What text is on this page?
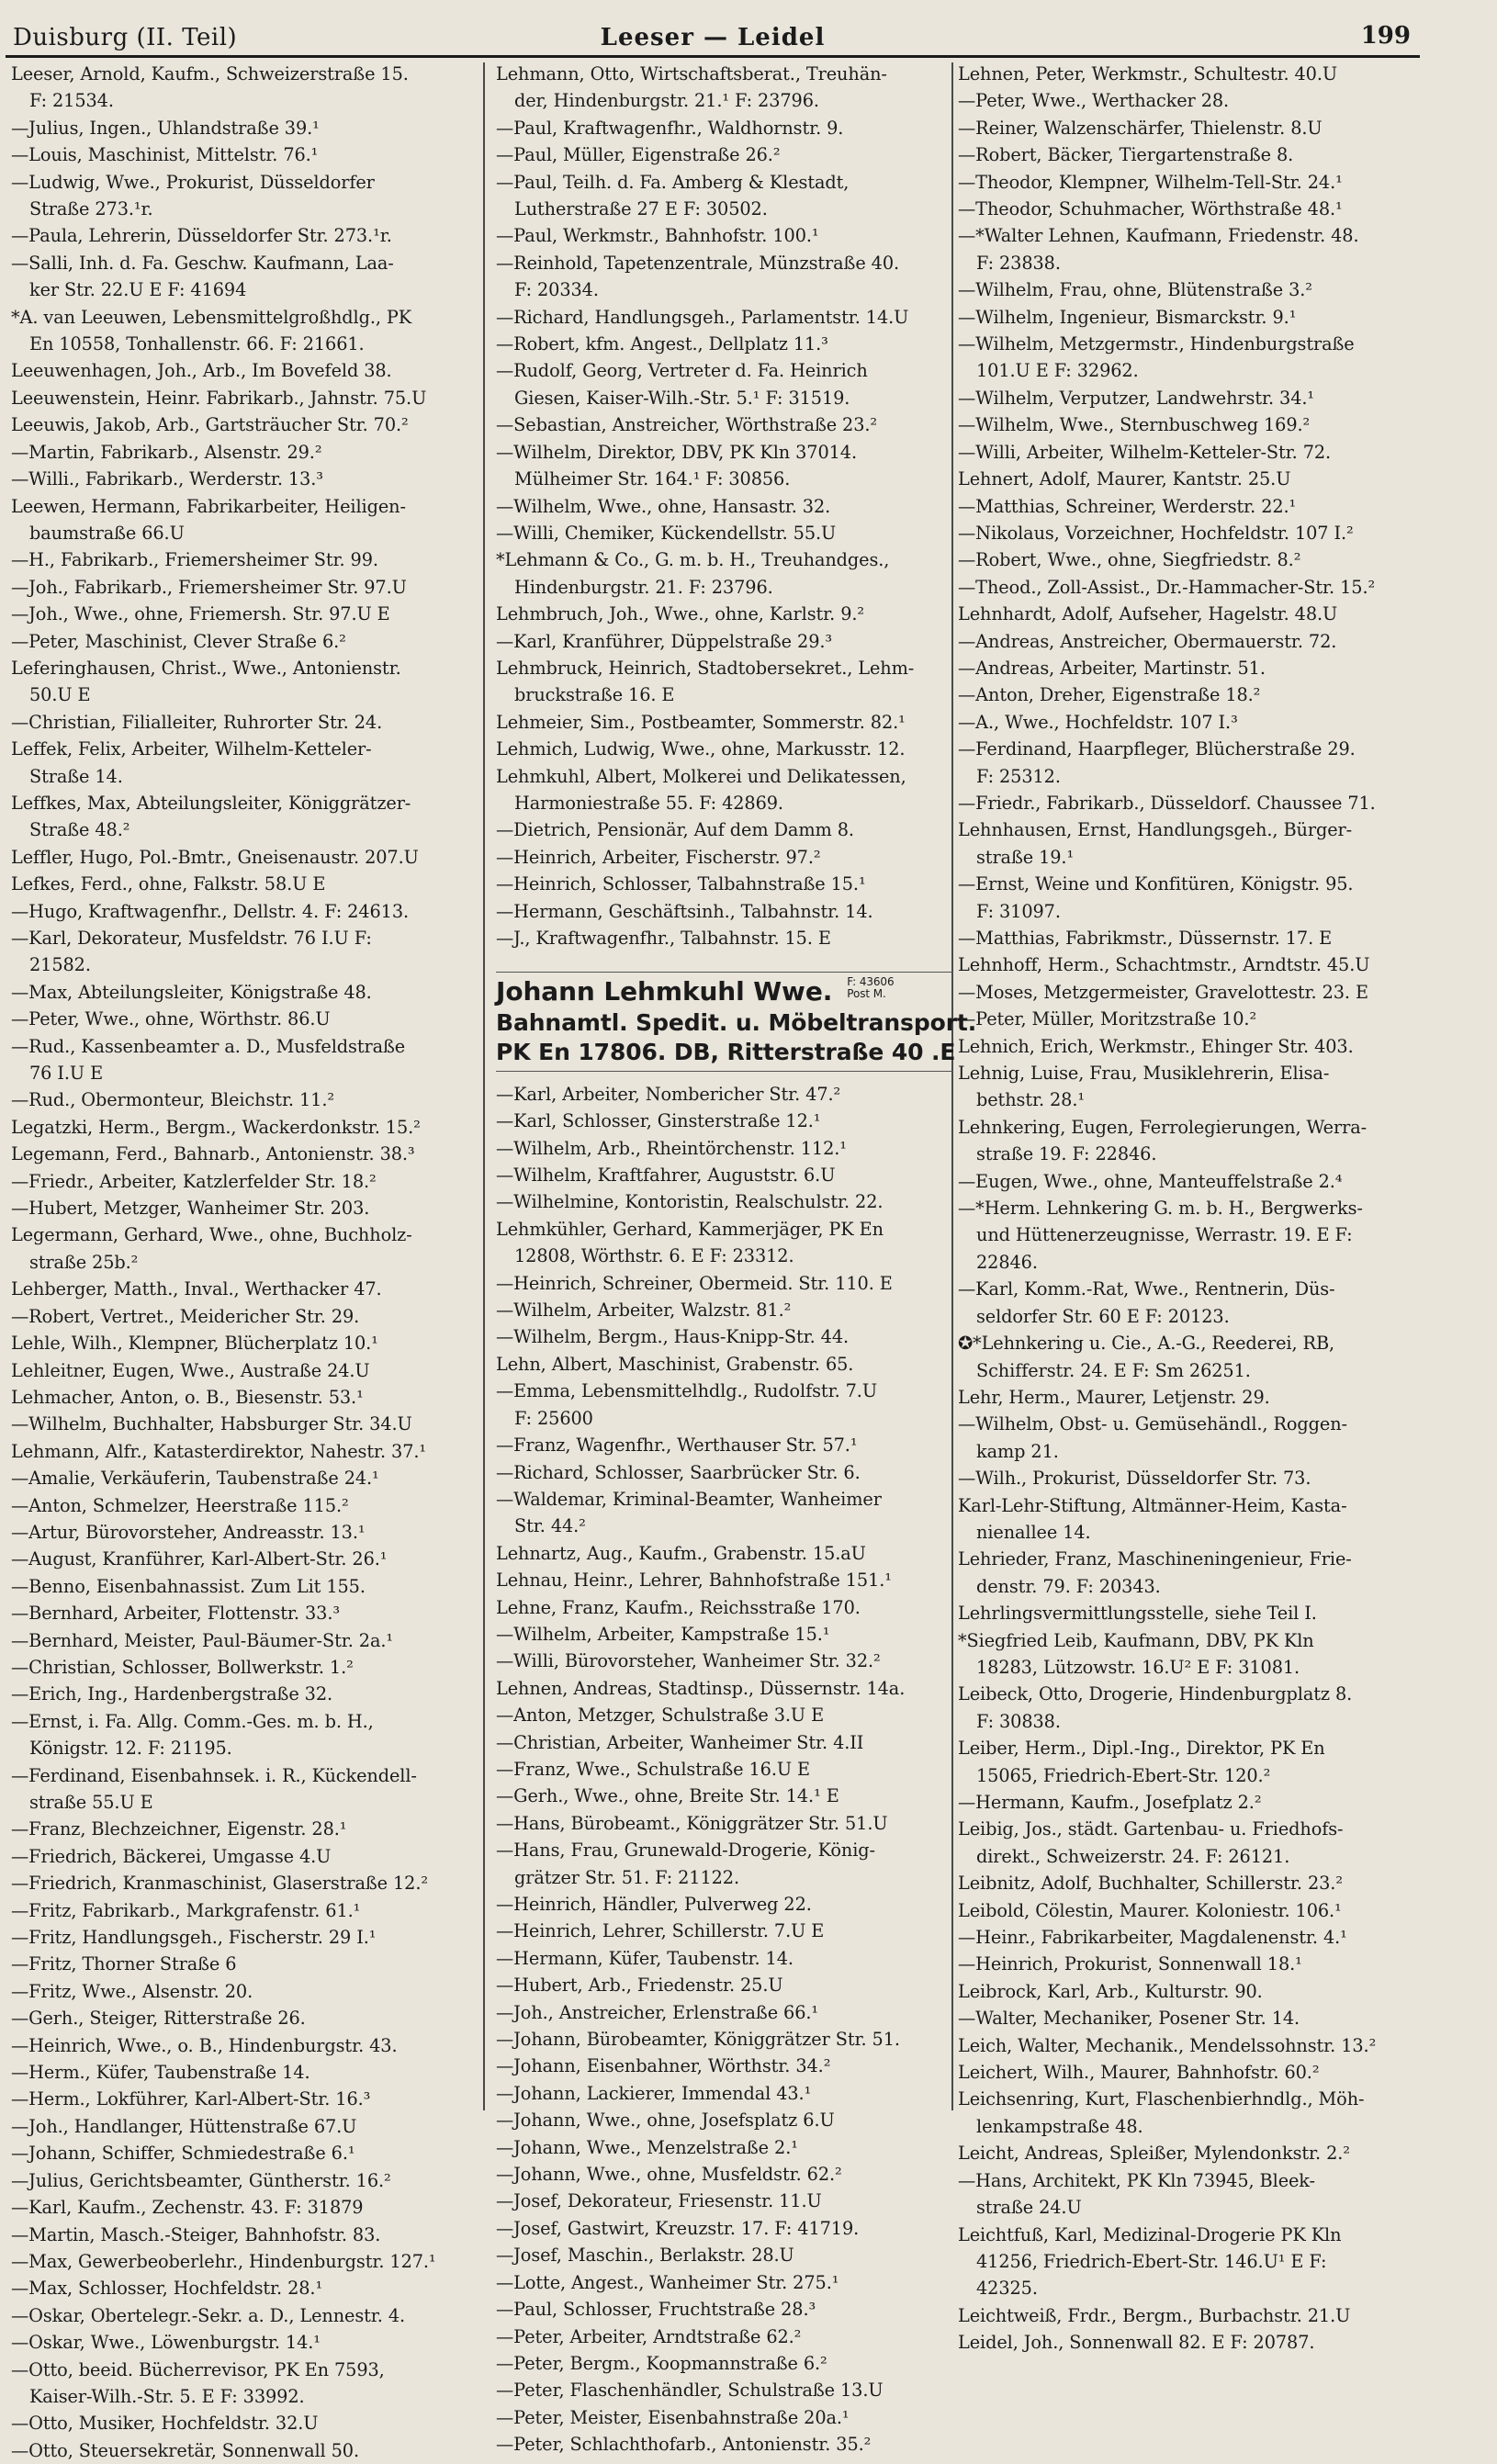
Duisburg (II. Teil)	Leeser — Leidel	199
Leeser, Arnold, Kaufm., Schweizerstraße 15.
F: 21534.
—Julius, Ingen., Uhlandstraße 39.¹
—Louis, Maschinist, Mittelstr. 76.¹
—Ludwig, Wwe., Prokurist, Düsseldorfer
Straße 273.¹r.
—Paula, Lehrerin, Düsseldorfer Str. 273.¹r.
—Salli, Inh. d. Fa. Geschw. Kaufmann, Laa-
ker Str. 22.U E F: 41694
*A. van Leeuwen, Lebensmittelgroßhdlg., PK
En 10558, Tonhallenstr. 66. F: 21661.
Leeuwenhagen, Joh., Arb., Im Bovefeld 38.
Leeuwenstein, Heinr. Fabrikarb., Jahnstr. 75.U
Leeuwis, Jakob, Arb., Gartsträucher Str. 70.²
—Martin, Fabrikarb., Alsenstr. 29.²
—Willi., Fabrikarb., Werderstr. 13.³
Leewen, Hermann, Fabrikarbeiter, Heiligen-
baumstraße 66.U
—H., Fabrikarb., Friemersheimer Str. 99.
—Joh., Fabrikarb., Friemersheimer Str. 97.U
—Joh., Wwe., ohne, Friemersh. Str. 97.U E
—Peter, Maschinist, Clever Straße 6.²
Leferinghausen, Christ., Wwe., Antonienstr.
50.U E
—Christian, Filialleiter, Ruhrorter Str. 24.
Leffek, Felix, Arbeiter, Wilhelm-Ketteler-
Straße 14.
Leffkes, Max, Abteilungsleiter, Königgrätzer-
Straße 48.²
Leffler, Hugo, Pol.-Bmtr., Gneisenaustr. 207.U
Lefkes, Ferd., ohne, Falkstr. 58.U E
—Hugo, Kraftwagenfhr., Dellstr. 4. F: 24613.
—Karl, Dekorateur, Musfeldstr. 76 I.U F:
21582.
—Max, Abteilungsleiter, Königstraße 48.
—Peter, Wwe., ohne, Wörthstr. 86.U
—Rud., Kassenbeamter a. D., Musfeldstraße
76 I.U E
—Rud., Obermonteur, Bleichstr. 11.²
Legatzki, Herm., Bergm., Wackerdonkstr. 15.²
Legemann, Ferd., Bahnarb., Antonienstr. 38.³
—Friedr., Arbeiter, Katzlerfelder Str. 18.²
—Hubert, Metzger, Wanheimer Str. 203.
Legermann, Gerhard, Wwe., ohne, Buchholz-
straße 25b.²
Lehberger, Matth., Inval., Werthacker 47.
—Robert, Vertret., Meidericher Str. 29.
Lehle, Wilh., Klempner, Blücherplatz 10.¹
Lehleitner, Eugen, Wwe., Austraße 24.U
Lehmacher, Anton, o. B., Biesenstr. 53.¹
—Wilhelm, Buchhalter, Habsburger Str. 34.U
Lehmann, Alfr., Katasterdirektor, Nahestr. 37.¹
—Amalie, Verkäuferin, Taubenstraße 24.¹
—Anton, Schmelzer, Heerstraße 115.²
—Artur, Bürovorsteher, Andreasstr. 13.¹
—August, Kranführer, Karl-Albert-Str. 26.¹
—Benno, Eisenbahnassist. Zum Lit 155.
—Bernhard, Arbeiter, Flottenstr. 33.³
—Bernhard, Meister, Paul-Bäumer-Str. 2a.¹
—Christian, Schlosser, Bollwerkstr. 1.²
—Erich, Ing., Hardenbergstraße 32.
—Ernst, i. Fa. Allg. Comm.-Ges. m. b. H.,
Königstr. 12. F: 21195.
—Ferdinand, Eisenbahnsek. i. R., Kückendell-
straße 55.U E
—Franz, Blechzeichner, Eigenstr. 28.¹
—Friedrich, Bäckerei, Umgasse 4.U
—Friedrich, Kranmaschinist, Glaserstraße 12.²
—Fritz, Fabrikarb., Markgrafenstr. 61.¹
—Fritz, Handlungsgeh., Fischerstr. 29 I.¹
—Fritz, Thorner Straße 6
—Fritz, Wwe., Alsenstr. 20.
—Gerh., Steiger, Ritterstraße 26.
—Heinrich, Wwe., o. B., Hindenburgstr. 43.
—Herm., Küfer, Taubenstraße 14.
—Herm., Lokführer, Karl-Albert-Str. 16.³
—Joh., Handlanger, Hüttenstraße 67.U
—Johann, Schiffer, Schmiedestraße 6.¹
—Julius, Gerichtsbeamter, Güntherstr. 16.²
—Karl, Kaufm., Zechenstr. 43. F: 31879
—Martin, Masch.-Steiger, Bahnhofstr. 83.
—Max, Gewerbeoberlehr., Hindenburgstr. 127.¹
—Max, Schlosser, Hochfeldstr. 28.¹
—Oskar, Obertelegr.-Sekr. a. D., Lennestr. 4.
—Oskar, Wwe., Löwenburgstr. 14.¹
—Otto, beeid. Bücherrevisor, PK En 7593,
Kaiser-Wilh.-Str. 5. E F: 33992.
—Otto, Musiker, Hochfeldstr. 32.U
—Otto, Steuersekretär, Sonnenwall 50.
Lehmann, Otto, Wirtschaftsberat., Treuhän-
der, Hindenburgstr. 21.¹ F: 23796.
—Paul, Kraftwagenfhr., Waldhornstr. 9.
—Paul, Müller, Eigenstraße 26.²
—Paul, Teilh. d. Fa. Amberg & Klestadt,
Lutherstraße 27 E F: 30502.
—Paul, Werkmstr., Bahnhofstr. 100.¹
—Reinhold, Tapetenzentrale, Münzstraße 40.
F: 20334.
—Richard, Handlungsgeh., Parlamentstr. 14.U
—Robert, kfm. Angest., Dellplatz 11.³
—Rudolf, Georg, Vertreter d. Fa. Heinrich
Giesen, Kaiser-Wilh.-Str. 5.¹ F: 31519.
—Sebastian, Anstreicher, Wörthstraße 23.²
—Wilhelm, Direktor, DBV, PK Kln 37014.
Mülheimer Str. 164.¹ F: 30856.
—Wilhelm, Wwe., ohne, Hansastr. 32.
—Willi, Chemiker, Kückendellstr. 55.U
*Lehmann & Co., G. m. b. H., Treuhandges.,
Hindenburgstr. 21. F: 23796.
Lehmbruch, Joh., Wwe., ohne, Karlstr. 9.²
—Karl, Kranführer, Düppelstraße 29.³
Lehmbruck, Heinrich, Stadtobersekret., Lehm-
bruckstraße 16. E
Lehmeier, Sim., Postbeamter, Sommerstr. 82.¹
Lehmich, Ludwig, Wwe., ohne, Markusstr. 12.
Lehmkuhl, Albert, Molkerei und Delikatessen,
Harmoniestraße 55. F: 42869.
—Dietrich, Pensionär, Auf dem Damm 8.
—Heinrich, Arbeiter, Fischerstr. 97.²
—Heinrich, Schlosser, Talbahnstraße 15.¹
—Hermann, Geschäftsinh., Talbahnstr. 14.
—J., Kraftwagenfhr., Talbahnstr. 15. E
Johann Lehmkuhl Wwe. F: 43606
Post M.
Bahnamtl. Spedit. u. Möbeltransport.
PK En 17806. DB, Ritterstraße 40 .E
—Karl, Arbeiter, Nombericher Str. 47.²
—Karl, Schlosser, Ginsterstraße 12.¹
—Wilhelm, Arb., Rheintörchenstr. 112.¹
—Wilhelm, Kraftfahrer, Auguststr. 6.U
—Wilhelmine, Kontoristin, Realschulstr. 22.
Lehmkühler, Gerhard, Kammerjäger, PK En
12808, Wörthstr. 6. E F: 23312.
—Heinrich, Schreiner, Obermeid. Str. 110. E
—Wilhelm, Arbeiter, Walzstr. 81.²
—Wilhelm, Bergm., Haus-Knipp-Str. 44.
Lehn, Albert, Maschinist, Grabenstr. 65.
—Emma, Lebensmittelhdlg., Rudolfstr. 7.U
F: 25600
—Franz, Wagenfhr., Werthauser Str. 57.¹
—Richard, Schlosser, Saarbrücker Str. 6.
—Waldemar, Kriminal-Beamter, Wanheimer
Str. 44.²
Lehnartz, Aug., Kaufm., Grabenstr. 15.aU
Lehnau, Heinr., Lehrer, Bahnhofstraße 151.¹
Lehne, Franz, Kaufm., Reichsstraße 170.
—Wilhelm, Arbeiter, Kampstraße 15.¹
—Willi, Bürovorsteher, Wanheimer Str. 32.²
Lehnen, Andreas, Stadtinsp., Düssernstr. 14a.
—Anton, Metzger, Schulstraße 3.U E
—Christian, Arbeiter, Wanheimer Str. 4.II
—Franz, Wwe., Schulstraße 16.U E
—Gerh., Wwe., ohne, Breite Str. 14.¹ E
—Hans, Bürobeamt., Königgrätzer Str. 51.U
—Hans, Frau, Grunewald-Drogerie, König-
grätzer Str. 51. F: 21122.
—Heinrich, Händler, Pulverweg 22.
—Heinrich, Lehrer, Schillerstr. 7.U E
—Hermann, Küfer, Taubenstr. 14.
—Hubert, Arb., Friedenstr. 25.U
—Joh., Anstreicher, Erlenstraße 66.¹
—Johann, Bürobeamter, Königgrätzer Str. 51.
—Johann, Eisenbahner, Wörthstr. 34.²
—Johann, Lackierer, Immendal 43.¹
—Johann, Wwe., ohne, Josefsplatz 6.U
—Johann, Wwe., Menzelstraße 2.¹
—Johann, Wwe., ohne, Musfeldstr. 62.²
—Josef, Dekorateur, Friesenstr. 11.U
—Josef, Gastwirt, Kreuzstr. 17. F: 41719.
—Josef, Maschin., Berlakstr. 28.U
—Lotte, Angest., Wanheimer Str. 275.¹
—Paul, Schlosser, Fruchtstraße 28.³
—Peter, Arbeiter, Arndtstraße 62.²
—Peter, Bergm., Koopmannstraße 6.²
—Peter, Flaschenhändler, Schulstraße 13.U
—Peter, Meister, Eisenbahnstraße 20a.¹
—Peter, Schlachthofarb., Antonienstr. 35.²
Lehnen, Peter, Werkmstr., Schultestr. 40.U
—Peter, Wwe., Werthacker 28.
—Reiner, Walzenschärfer, Thielenstr. 8.U
—Robert, Bäcker, Tiergartenstraße 8.
—Theodor, Klempner, Wilhelm-Tell-Str. 24.¹
—Theodor, Schuhmacher, Wörthstraße 48.¹
—*Walter Lehnen, Kaufmann, Friedenstr. 48.
F: 23838.
—Wilhelm, Frau, ohne, Blütenstraße 3.²
—Wilhelm, Ingenieur, Bismarckstr. 9.¹
—Wilhelm, Metzgermstr., Hindenburgstraße
101.U E F: 32962.
—Wilhelm, Verputzer, Landwehrstr. 34.¹
—Wilhelm, Wwe., Sternbuschweg 169.²
—Willi, Arbeiter, Wilhelm-Ketteler-Str. 72.
Lehnert, Adolf, Maurer, Kantstr. 25.U
—Matthias, Schreiner, Werderstr. 22.¹
—Nikolaus, Vorzeichner, Hochfeldstr. 107 I.²
—Robert, Wwe., ohne, Siegfriedstr. 8.²
—Theod., Zoll-Assist., Dr.-Hammacher-Str. 15.²
Lehnhardt, Adolf, Aufseher, Hagelstr. 48.U
—Andreas, Anstreicher, Obermauerstr. 72.
—Andreas, Arbeiter, Martinstr. 51.
—Anton, Dreher, Eigenstraße 18.²
—A., Wwe., Hochfeldstr. 107 I.³
—Ferdinand, Haarpfleger, Blücherstraße 29.
F: 25312.
—Friedr., Fabrikarb., Düsseldorf. Chaussee 71.
Lehnhausen, Ernst, Handlungsgeh., Bürger-
straße 19.¹
—Ernst, Weine und Konfitüren, Königstr. 95.
F: 31097.
—Matthias, Fabrikmstr., Düssernstr. 17. E
Lehnhoff, Herm., Schachtmstr., Arndtstr. 45.U
—Moses, Metzgermeister, Gravelottestr. 23. E
—Peter, Müller, Moritzstraße 10.²
Lehnich, Erich, Werkmstr., Ehinger Str. 403.
Lehnig, Luise, Frau, Musiklehrerin, Elisa-
bethstr. 28.¹
Lehnkering, Eugen, Ferrolegierungen, Werra-
straße 19. F: 22846.
—Eugen, Wwe., ohne, Manteuffelstraße 2.⁴
—*Herm. Lehnkering G. m. b. H., Bergwerks-
und Hüttenerzeugnisse, Werrastr. 19. E F:
22846.
—Karl, Komm.-Rat, Wwe., Rentnerin, Düs-
seldorfer Str. 60 E F: 20123.
✪*Lehnkering u. Cie., A.-G., Reederei, RB,
Schifferstr. 24. E F: Sm 26251.
Lehr, Herm., Maurer, Letjenstr. 29.
—Wilhelm, Obst- u. Gemüsehändl., Roggen-
kamp 21.
—Wilh., Prokurist, Düsseldorfer Str. 73.
Karl-Lehr-Stiftung, Altmänner-Heim, Kasta-
nienallee 14.
Lehrieder, Franz, Maschineningenieur, Frie-
denstr. 79. F: 20343.
Lehrlingsvermittlungsstelle, siehe Teil I.
*Siegfried Leib, Kaufmann, DBV, PK Kln
18283, Lützowstr. 16.U² E F: 31081.
Leibeck, Otto, Drogerie, Hindenburgplatz 8.
F: 30838.
Leiber, Herm., Dipl.-Ing., Direktor, PK En
15065, Friedrich-Ebert-Str. 120.²
—Hermann, Kaufm., Josefplatz 2.²
Leibig, Jos., städt. Gartenbau- u. Friedhofs-
direkt., Schweizerstr. 24. F: 26121.
Leibnitz, Adolf, Buchhalter, Schillerstr. 23.²
Leibold, Cölestin, Maurer. Koloniestr. 106.¹
—Heinr., Fabrikarbeiter, Magdalenenstr. 4.¹
—Heinrich, Prokurist, Sonnenwall 18.¹
Leibrock, Karl, Arb., Kulturstr. 90.
—Walter, Mechaniker, Posener Str. 14.
Leich, Walter, Mechanik., Mendelssohnstr. 13.²
Leichert, Wilh., Maurer, Bahnhofstr. 60.²
Leichsenring, Kurt, Flaschenbierhndlg., Möh-
lenkampstraße 48.
Leicht, Andreas, Spleißer, Mylendonkstr. 2.²
—Hans, Architekt, PK Kln 73945, Bleek-
straße 24.U
Leichtfuß, Karl, Medizinal-Drogerie PK Kln
41256, Friedrich-Ebert-Str. 146.U¹ E F:
42325.
Leichtweiß, Frdr., Bergm., Burbachstr. 21.U
Leidel, Joh., Sonnenwall 82. E F: 20787.
